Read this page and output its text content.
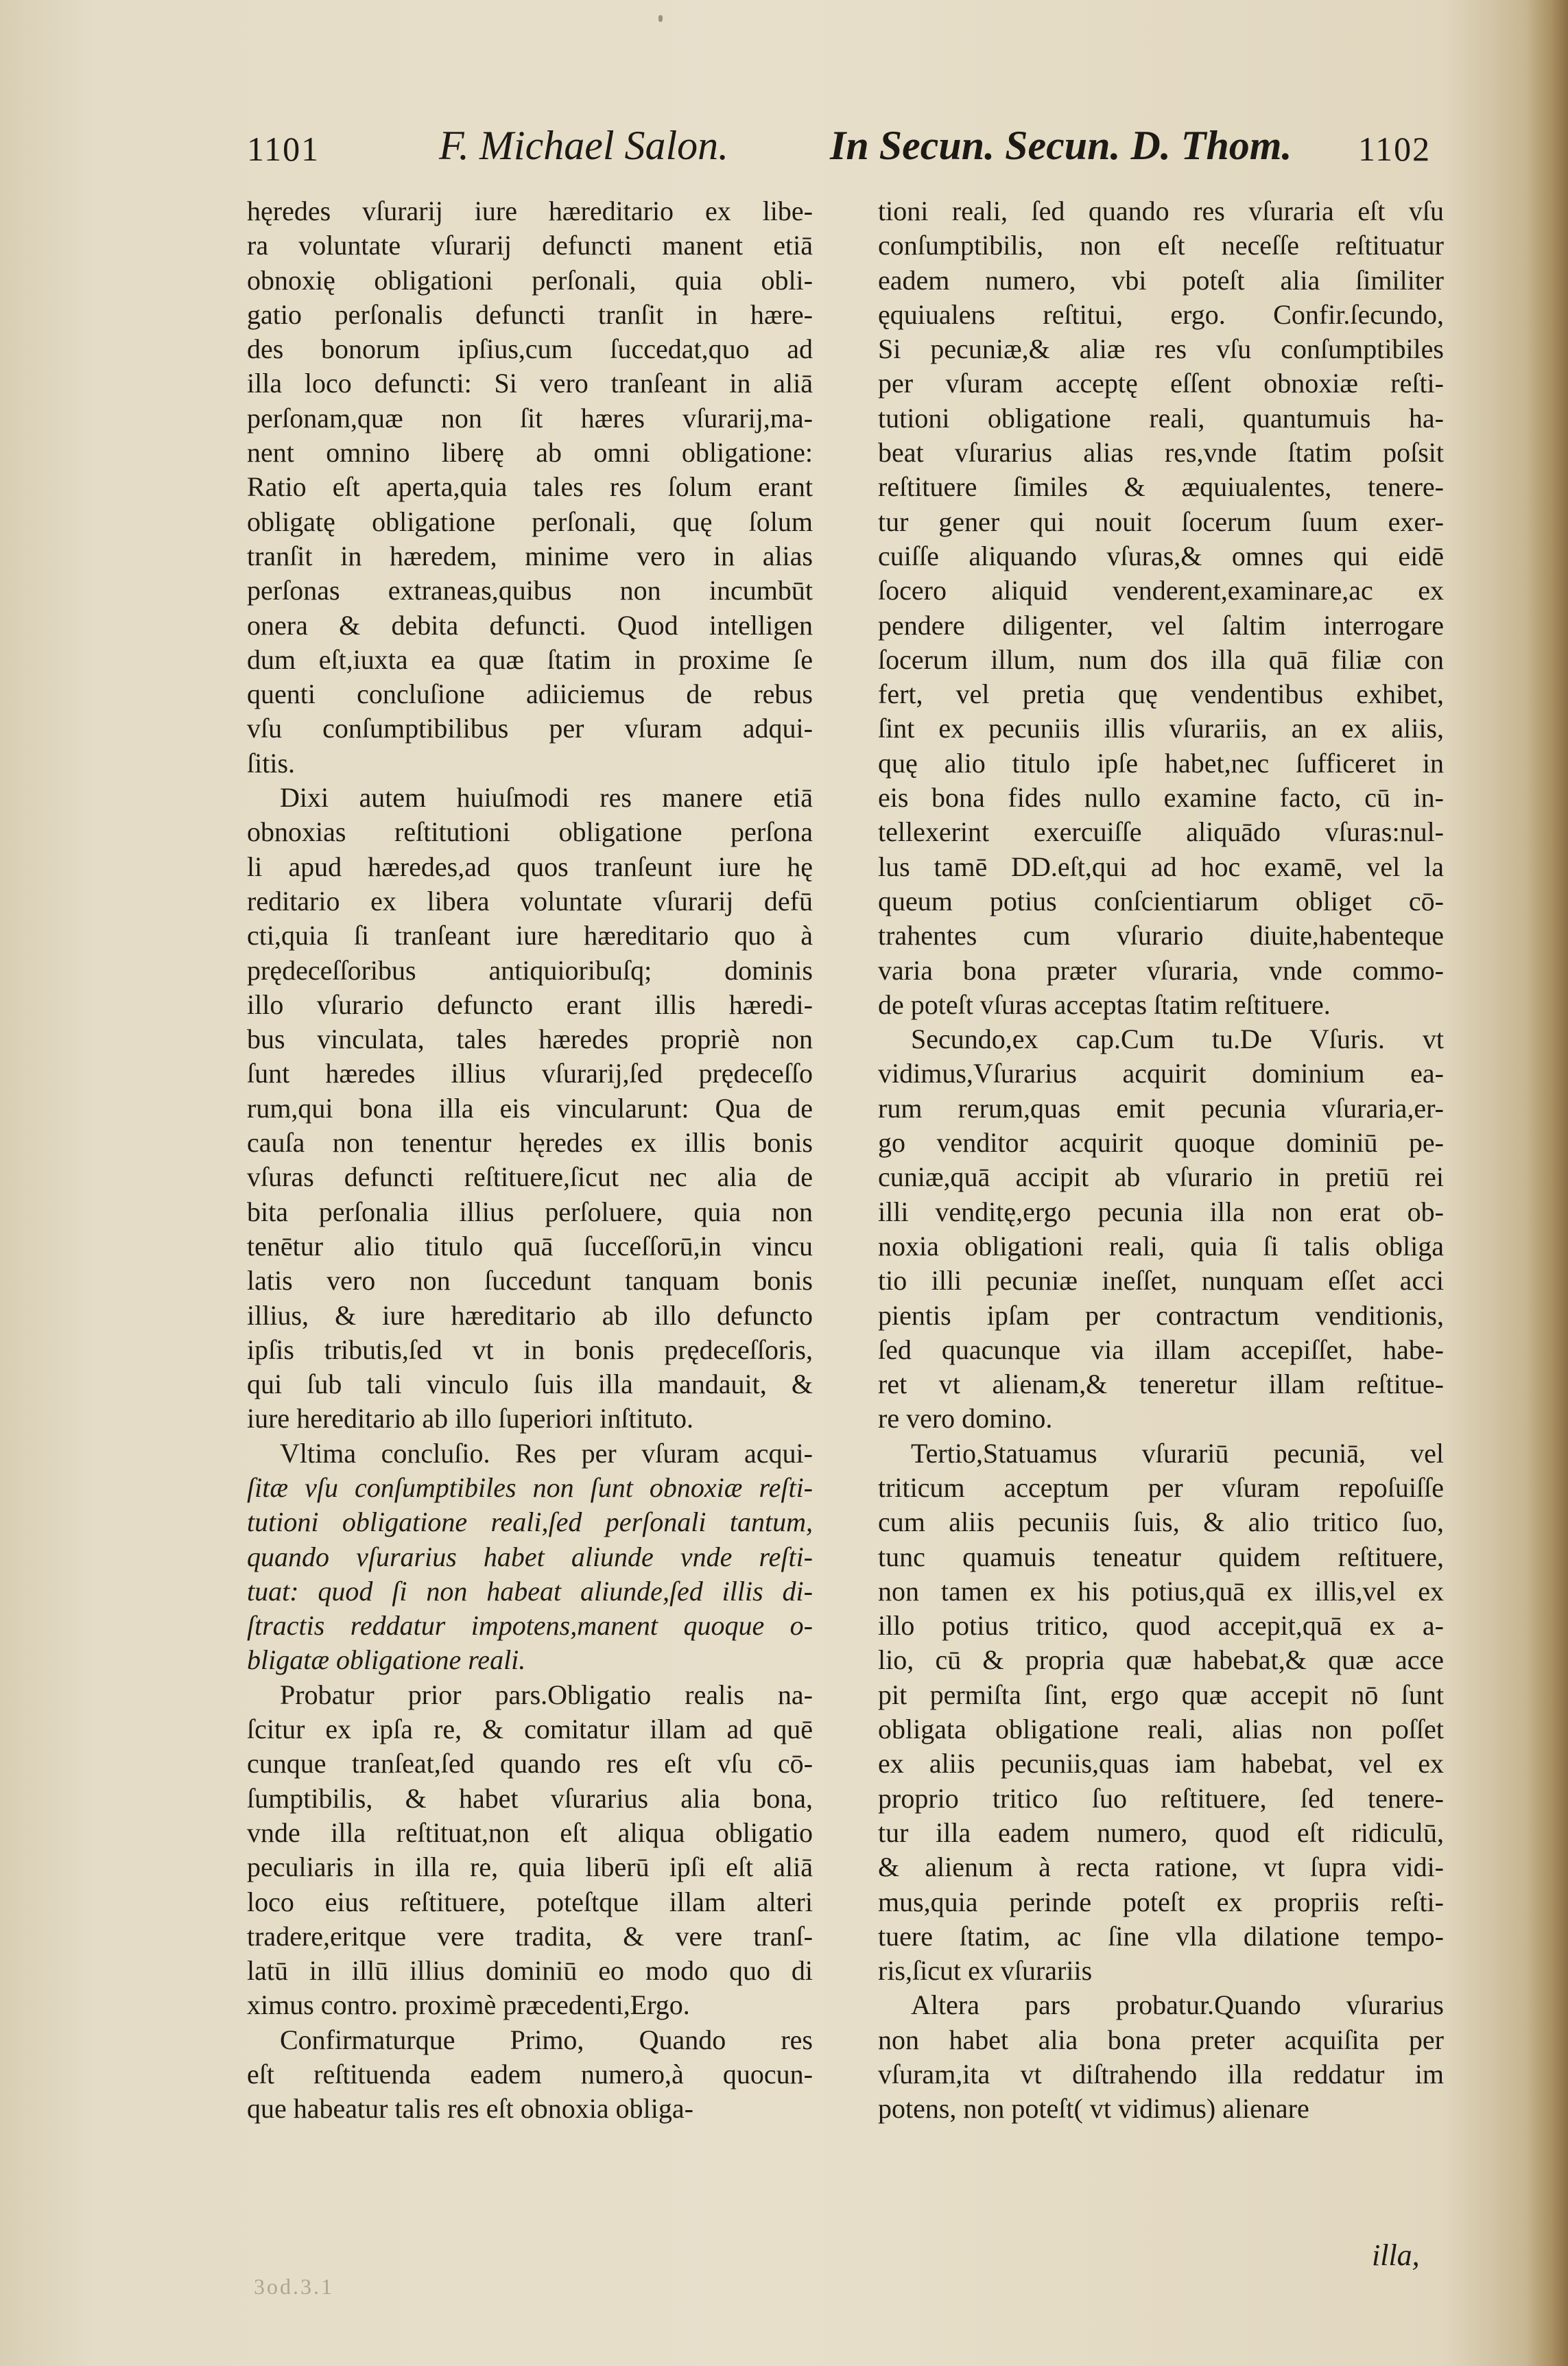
1101	F. Michael Salon. In Secun. Secun. D. Thom. 1102
hęredes vſurarij iure hæreditario ex libe-
ra voluntate vſurarij defuncti manent etiā
obnoxię obligationi perſonali, quia obli-
gatio perſonalis defuncti tranſit in hære-
des bonorum ipſius,cum ſuccedat,quo ad
illa loco defuncti: Si vero tranſeant in aliā
perſonam,quæ non ſit hæres vſurarij,ma-
nent omnino liberę ab omni obligatione:
Ratio eſt aperta,quia tales res ſolum erant
obligatę obligatione perſonali, quę ſolum
tranſit in hæredem, minime vero in alias
perſonas extraneas,quibus non incumbūt
onera & debita defuncti. Quod intelligen
dum eſt,iuxta ea quæ ſtatim in proxime ſe
quenti concluſione adiiciemus de rebus
vſu conſumptibilibus per vſuram adqui-
ſitis.
Dixi autem huiuſmodi res manere etiā
obnoxias reſtitutioni obligatione perſona
li apud hæredes,ad quos tranſeunt iure hę
reditario ex libera voluntate vſurarij defū
cti,quia ſi tranſeant iure hæreditario quo à
prędeceſſoribus antiquioribuſq; dominis
illo vſurario defuncto erant illis hæredi-
bus vinculata, tales hæredes propriè non
ſunt hæredes illius vſurarij,ſed prędeceſſo
rum,qui bona illa eis vincularunt: Qua de
cauſa non tenentur hęredes ex illis bonis
vſuras defuncti reſtituere,ſicut nec alia de
bita perſonalia illius perſoluere, quia non
tenētur alio titulo quā ſucceſſorū,in vincu
latis vero non ſuccedunt tanquam bonis
illius, & iure hæreditario ab illo defuncto
ipſis tributis,ſed vt in bonis prędeceſſoris,
qui ſub tali vinculo ſuis illa mandauit, &
iure hereditario ab illo ſuperiori inſtituto.
Vltima concluſio. Res per vſuram acqui-
ſitæ vſu conſumptibiles non ſunt obnoxiæ reſti-
tutioni obligatione reali,ſed perſonali tantum,
quando vſurarius habet aliunde vnde reſti-
tuat: quod ſi non habeat aliunde,ſed illis di-
ſtractis reddatur impotens,manent quoque o-
bligatæ obligatione reali.
Probatur prior pars.Obligatio realis na-
ſcitur ex ipſa re, & comitatur illam ad quē
cunque tranſeat,ſed quando res eſt vſu cō-
ſumptibilis, & habet vſurarius alia bona,
vnde illa reſtituat,non eſt aliqua obligatio
peculiaris in illa re, quia liberū ipſi eſt aliā
loco eius reſtituere, poteſtque illam alteri
tradere,eritque vere tradita, & vere tranſ-
latū in illū illius dominiū eo modo quo di
ximus contro. proximè præcedenti,Ergo.
Confirmaturque Primo, Quando res
eſt reſtituenda eadem numero,à quocun-
que habeatur talis res eſt obnoxia obliga-
tioni reali, ſed quando res vſuraria eſt vſu
conſumptibilis, non eſt neceſſe reſtituatur
eadem numero, vbi poteſt alia ſimiliter
ęquiualens reſtitui, ergo. Confir.ſecundo,
Si pecuniæ,& aliæ res vſu conſumptibiles
per vſuram acceptę eſſent obnoxiæ reſti-
tutioni obligatione reali, quantumuis ha-
beat vſurarius alias res,vnde ſtatim poſsit
reſtituere ſimiles & æquiualentes, tenere-
tur gener qui nouit ſocerum ſuum exer-
cuiſſe aliquando vſuras,& omnes qui eidē
ſocero aliquid venderent,examinare,ac ex
pendere diligenter, vel ſaltim interrogare
ſocerum illum, num dos illa quā filiæ con
fert, vel pretia quę vendentibus exhibet,
ſint ex pecuniis illis vſurariis, an ex aliis,
quę alio titulo ipſe habet,nec ſufficeret in
eis bona fides nullo examine facto, cū in-
tellexerint exercuiſſe aliquādo vſuras:nul-
lus tamē DD.eſt,qui ad hoc examē, vel la
queum potius conſcientiarum obliget cō-
trahentes cum vſurario diuite,habenteque
varia bona præter vſuraria, vnde commo-
de poteſt vſuras acceptas ſtatim reſtituere.
Secundo,ex cap.Cum tu.De Vſuris. vt
vidimus,Vſurarius acquirit dominium ea-
rum rerum,quas emit pecunia vſuraria,er-
go venditor acquirit quoque dominiū pe-
cuniæ,quā accipit ab vſurario in pretiū rei
illi venditę,ergo pecunia illa non erat ob-
noxia obligationi reali, quia ſi talis obliga
tio illi pecuniæ ineſſet, nunquam eſſet acci
pientis ipſam per contractum venditionis,
ſed quacunque via illam accepiſſet, habe-
ret vt alienam,& teneretur illam reſtitue-
re vero domino.
Tertio,Statuamus vſurariū pecuniā, vel
triticum acceptum per vſuram repoſuiſſe
cum aliis pecuniis ſuis, & alio tritico ſuo,
tunc quamuis teneatur quidem reſtituere,
non tamen ex his potius,quā ex illis,vel ex
illo potius tritico, quod accepit,quā ex a-
lio, cū & propria quæ habebat,& quæ acce
pit permiſta ſint, ergo quæ accepit nō ſunt
obligata obligatione reali, alias non poſſet
ex aliis pecuniis,quas iam habebat, vel ex
proprio tritico ſuo reſtituere, ſed tenere-
tur illa eadem numero, quod eſt ridiculū,
& alienum à recta ratione, vt ſupra vidi-
mus,quia perinde poteſt ex propriis reſti-
tuere ſtatim, ac ſine vlla dilatione tempo-
ris,ſicut ex vſurariis
Altera pars probatur.Quando vſurarius
non habet alia bona preter acquiſita per
vſuram,ita vt diſtrahendo illa reddatur im
potens, non poteſt( vt vidimus) alienare
illa,
3od.3.1
